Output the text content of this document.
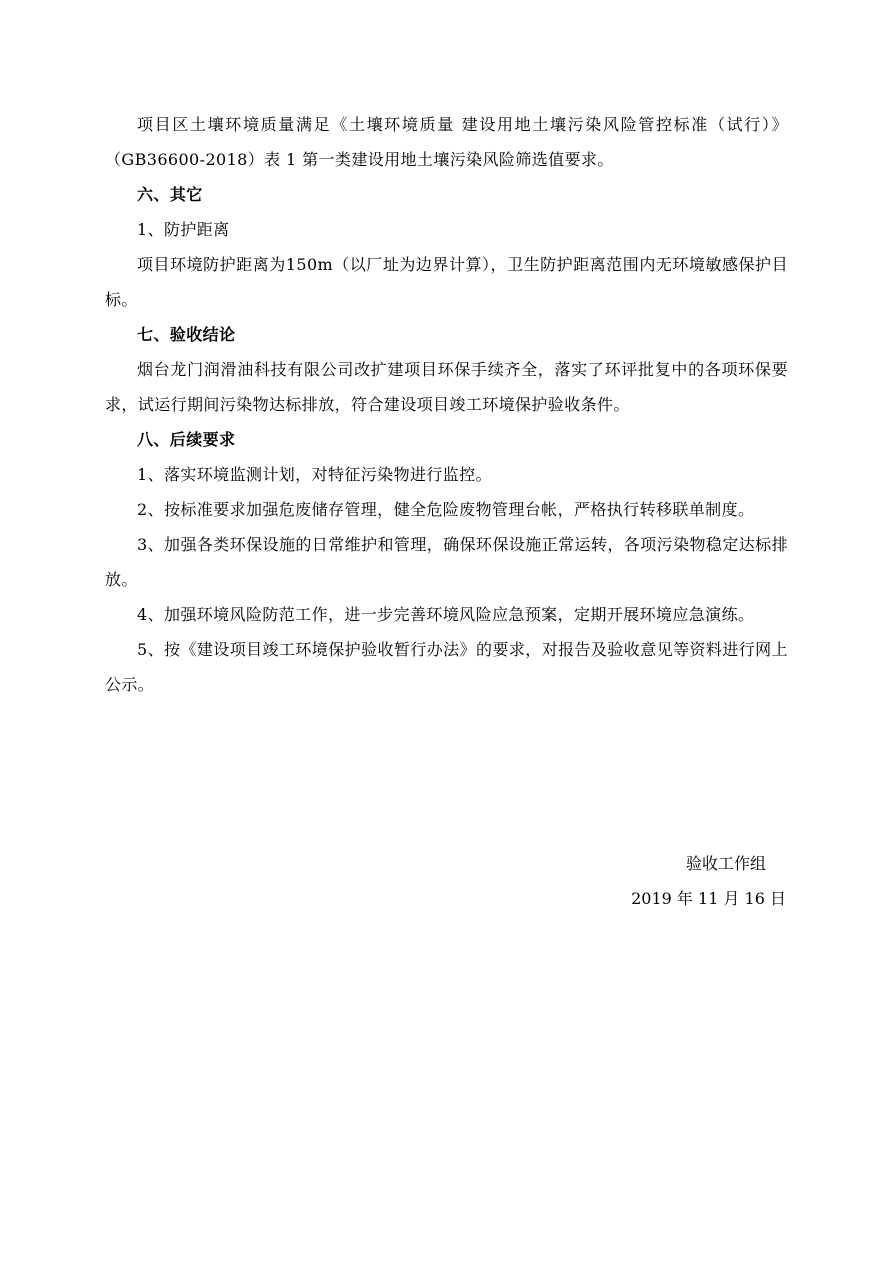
项目区土壤环境质量满足《土壤环境质量 建设用地土壤污染风险管控标准（试行）》（GB36600-2018）表 1 第一类建设用地土壤污染风险筛选值要求。

六、其它

1、防护距离

项目环境防护距离为150m（以厂址为边界计算），卫生防护距离范围内无环境敏感保护目标。

七、验收结论

烟台龙门润滑油科技有限公司改扩建项目环保手续齐全，落实了环评批复中的各项环保要求，试运行期间污染物达标排放，符合建设项目竣工环境保护验收条件。

八、后续要求

1、落实环境监测计划，对特征污染物进行监控。

2、按标准要求加强危废储存管理，健全危险废物管理台帐，严格执行转移联单制度。

3、加强各类环保设施的日常维护和管理，确保环保设施正常运转，各项污染物稳定达标排放。

4、加强环境风险防范工作，进一步完善环境风险应急预案，定期开展环境应急演练。

5、按《建设项目竣工环境保护验收暂行办法》的要求，对报告及验收意见等资料进行网上公示。

验收工作组
2019 年 11 月 16 日
